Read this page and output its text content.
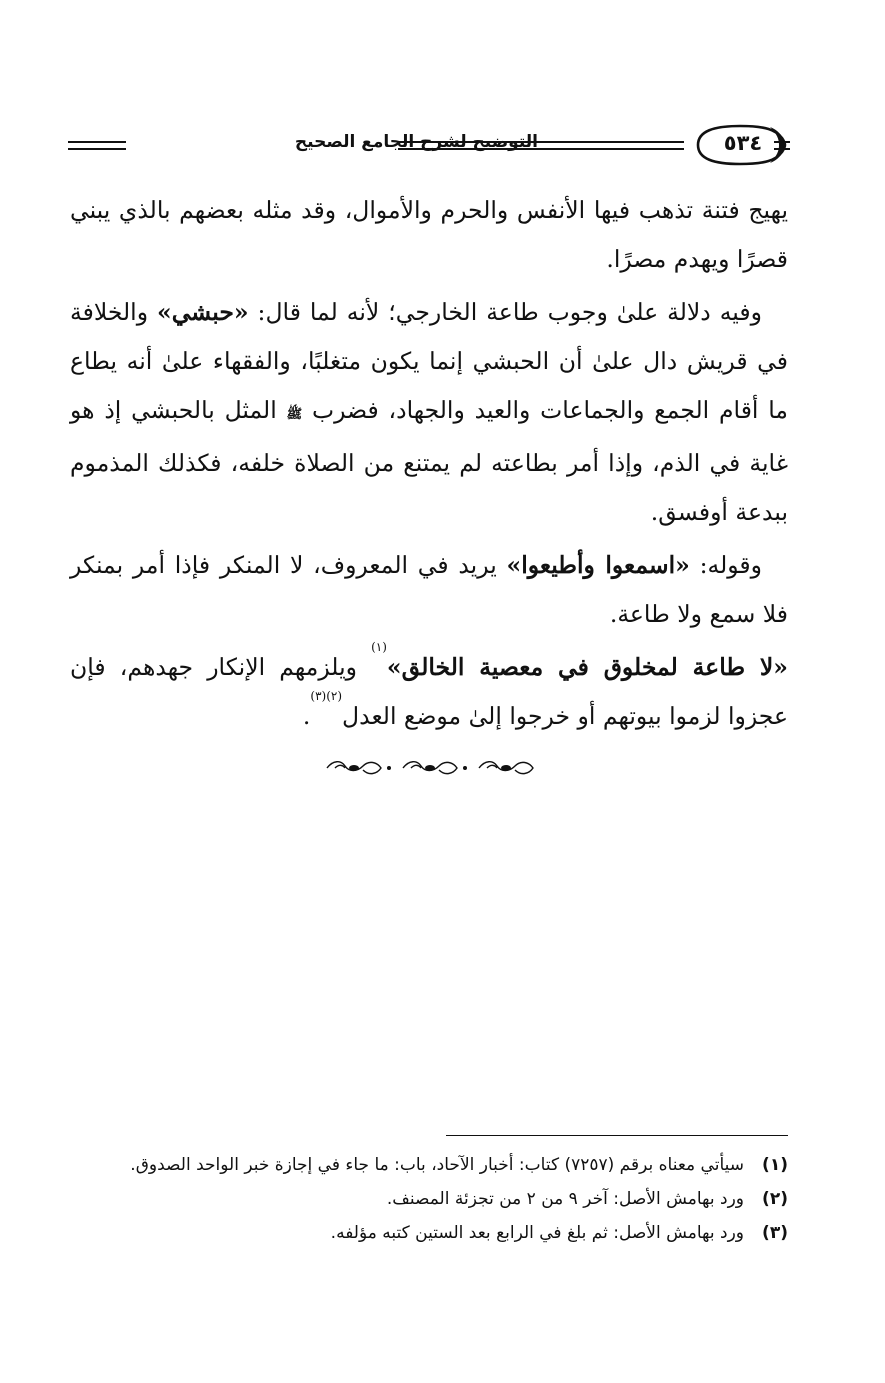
التوضيح لشرح الجامع الصحيح	٥٣٤

يهيج فتنة تذهب فيها الأنفس والحرم والأموال، وقد مثله بعضهم بالذي يبني قصرًا ويهدم مصرًا.

وفيه دلالة علىٰ وجوب طاعة الخارجي؛ لأنه لما قال: «حبشي» والخلافة في قريش دال علىٰ أن الحبشي إنما يكون متغلبًا، والفقهاء علىٰ أنه يطاع ما أقام الجمع والجماعات والعيد والجهاد، فضرب ﷺ المثل بالحبشي إذ هو غاية في الذم، وإذا أمر بطاعته لم يمتنع من الصلاة خلفه، فكذلك المذموم ببدعة أوفسق.

وقوله: «اسمعوا وأطيعوا» يريد في المعروف، لا المنكر فإذا أمر بمنكر فلا سمع ولا طاعة.

«لا طاعة لمخلوق في معصية الخالق»$^{(١)}$ ويلزمهم الإنكار جهدهم، فإن عجزوا لزموا بيوتهم أو خرجوا إلىٰ موضع العدل$^{(٢)(٣)}$.

(١)
سيأتي معناه برقم (٧٢٥٧) كتاب: أخبار الآحاد، باب: ما جاء في إجازة خبر الواحد الصدوق.
(٢)
ورد بهامش الأصل: آخر ٩ من ٢ من تجزئة المصنف.
(٣)
ورد بهامش الأصل: ثم بلغ في الرابع بعد الستين كتبه مؤلفه.
